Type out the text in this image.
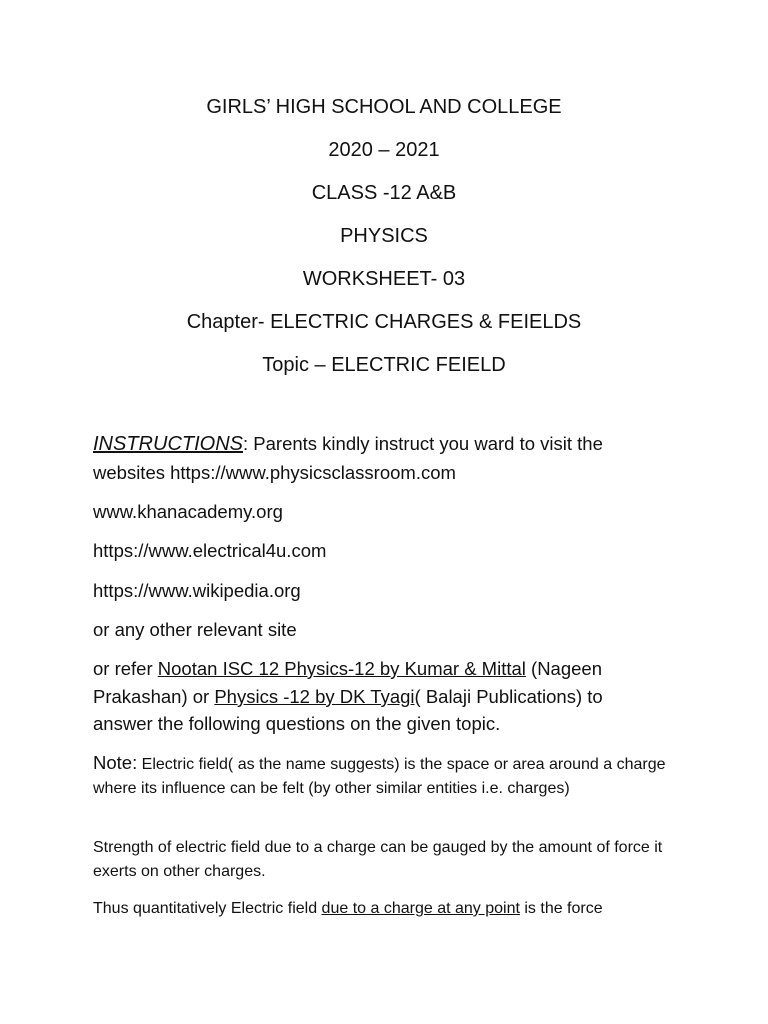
GIRLS’ HIGH SCHOOL AND COLLEGE
2020 – 2021
CLASS -12 A&B
PHYSICS
WORKSHEET- 03
Chapter- ELECTRIC CHARGES & FEIELDS
Topic – ELECTRIC FEIELD
INSTRUCTIONS: Parents kindly instruct you ward to visit the
websites https://www.physicsclassroom.com
www.khanacademy.org
https://www.electrical4u.com
https://www.wikipedia.org
or any other relevant site
or refer Nootan ISC 12 Physics-12 by Kumar & Mittal (Nageen
Prakashan) or Physics -12 by DK Tyagi( Balaji Publications) to
answer the following questions on the given topic.
Note: Electric field( as the name suggests) is the space or area around a charge where its influence can be felt (by other similar entities i.e. charges)
Strength of electric field due to a charge can be gauged by the amount of force it exerts on other charges.
Thus quantitatively Electric field due to a charge at any point is the force
